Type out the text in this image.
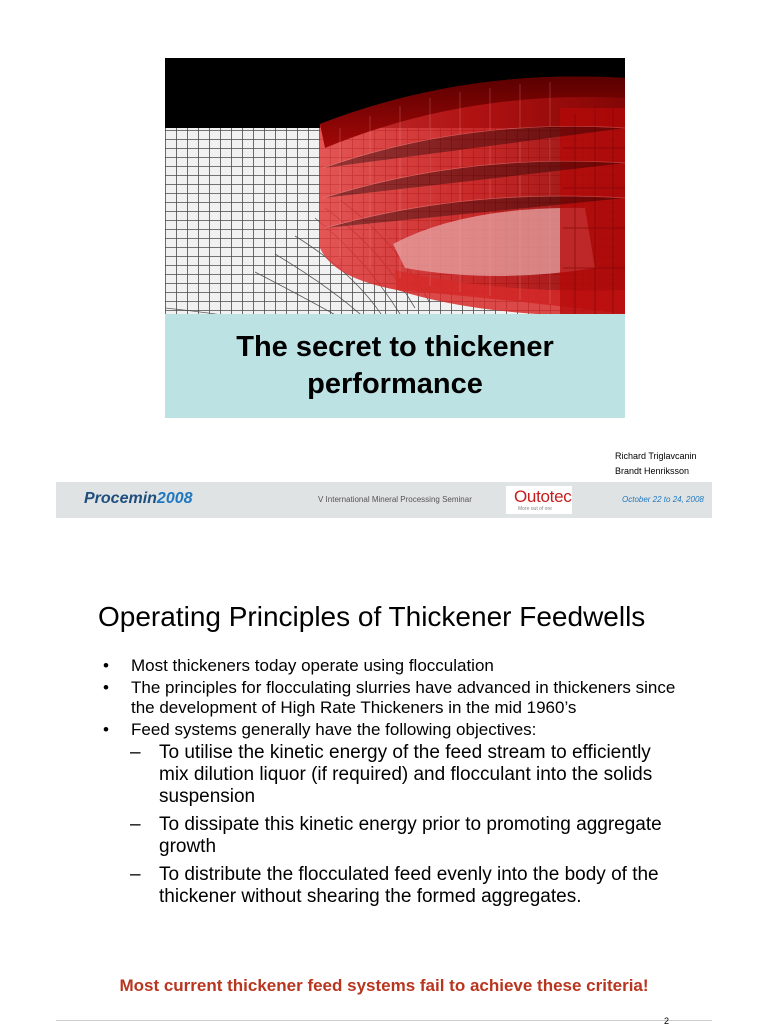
The secret to thickener performance
Richard Triglavcanin
Brandt Henriksson
Procemin2008	V International Mineral Processing Seminar Outotec
More out of ore
October 22 to 24, 2008
Operating Principles of Thickener Feedwells
• Most thickeners today operate using flocculation
• The principles for flocculating slurries have advanced in thickeners since the development of High Rate Thickeners in the mid 1960’s
• Feed systems generally have the following objectives:
– To utilise the kinetic energy of the feed stream to efficiently mix dilution liquor (if required) and flocculant into the solids suspension
– To dissipate this kinetic energy prior to promoting aggregate growth
– To distribute the flocculated feed evenly into the body of the thickener without shearing the formed aggregates.
Most current thickener feed systems fail to achieve these criteria!
2
